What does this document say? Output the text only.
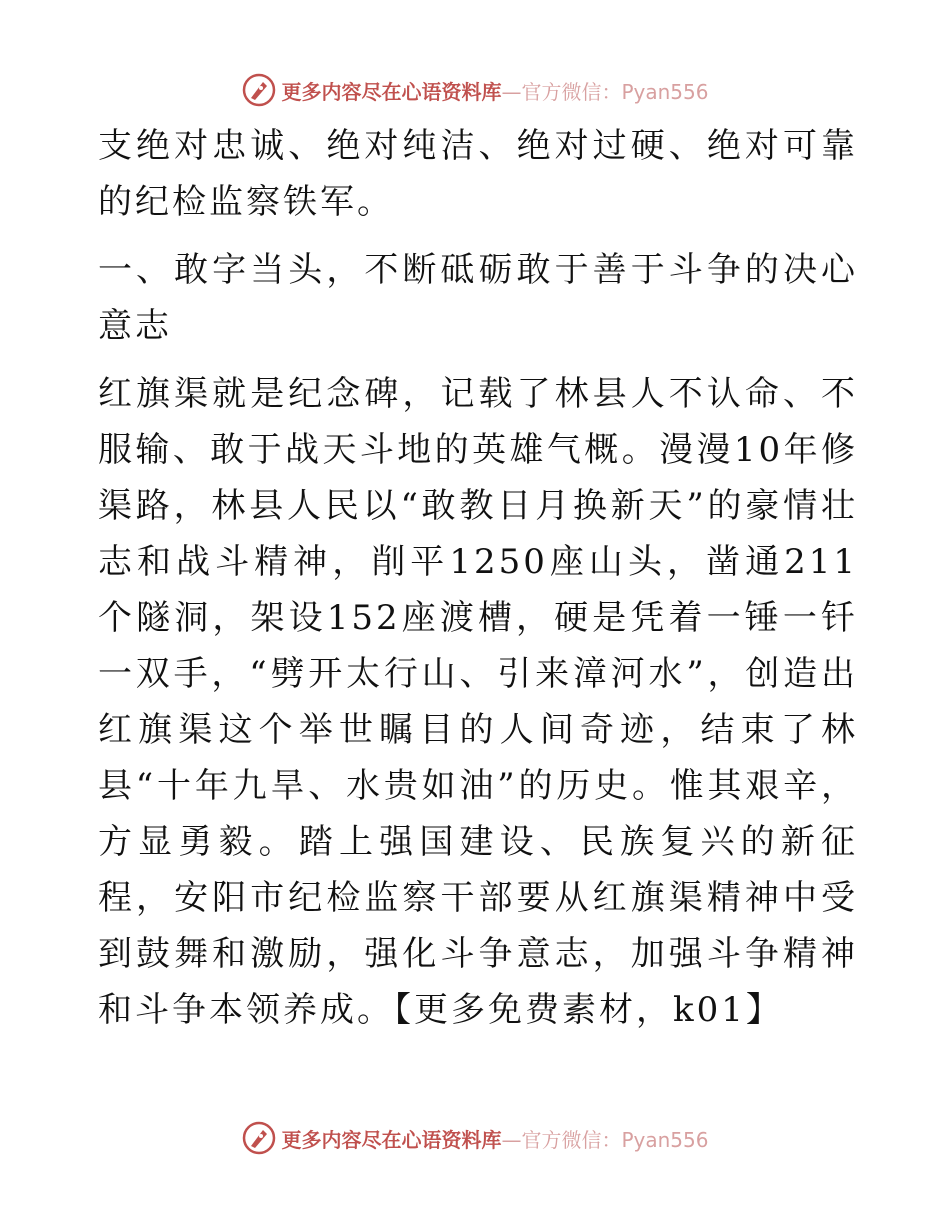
更多内容尽在心语资料库 —官方微信：Pyan556

支绝对忠诚、绝对纯洁、绝对过硬、绝对可靠的纪检监察铁军。

一、敢字当头，不断砥砺敢于善于斗争的决心意志

红旗渠就是纪念碑，记载了林县人不认命、不服输、敢于战天斗地的英雄气概。漫漫10年修渠路，林县人民以“敢教日月换新天”的豪情壮志和战斗精神，削平1250座山头，凿通211个隧洞，架设152座渡槽，硬是凭着一锤一钎一双手，“劈开太行山、引来漳河水”，创造出红旗渠这个举世瞩目的人间奇迹，结束了林县“十年九旱、水贵如油”的历史。惟其艰辛，方显勇毅。踏上强国建设、民族复兴的新征程，安阳市纪检监察干部要从红旗渠精神中受到鼓舞和激励，强化斗争意志，加强斗争精神和斗争本领养成。【更多免费素材，k01】

更多内容尽在心语资料库 —官方微信：Pyan556
